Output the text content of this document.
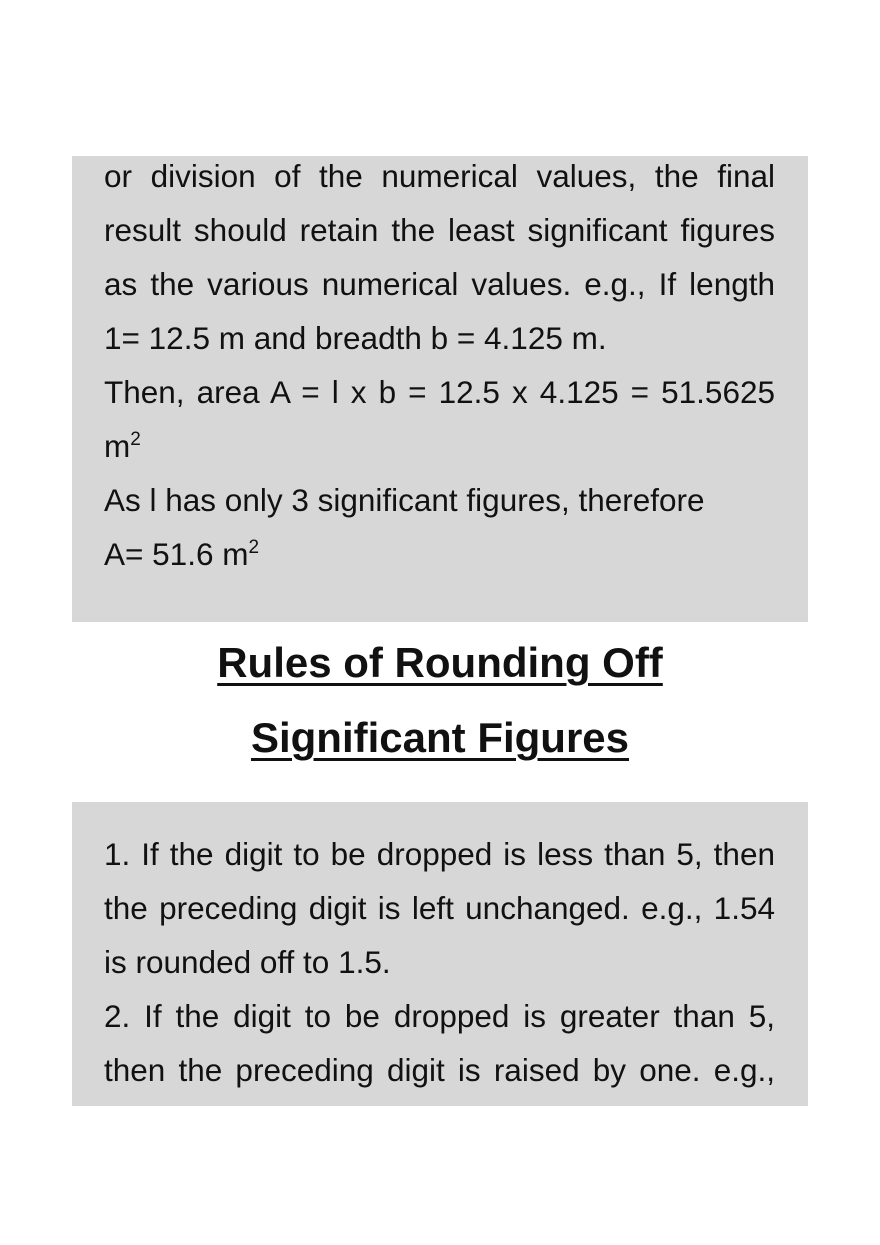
or division of the numerical values, the final
result should retain the least significant figures
as the various numerical values. e.g., If length
1= 12.5 m and breadth b = 4.125 m.
Then, area A = l x b = 12.5 x 4.125 = 51.5625
$m^2$
As l has only 3 significant figures, therefore
A= 51.6 $m^2$
Rules of Rounding Off
Significant Figures
1. If the digit to be dropped is less than 5, then
the preceding digit is left unchanged. e.g., 1.54
is rounded off to 1.5.
2. If the digit to be dropped is greater than 5,
then the preceding digit is raised by one. e.g.,
